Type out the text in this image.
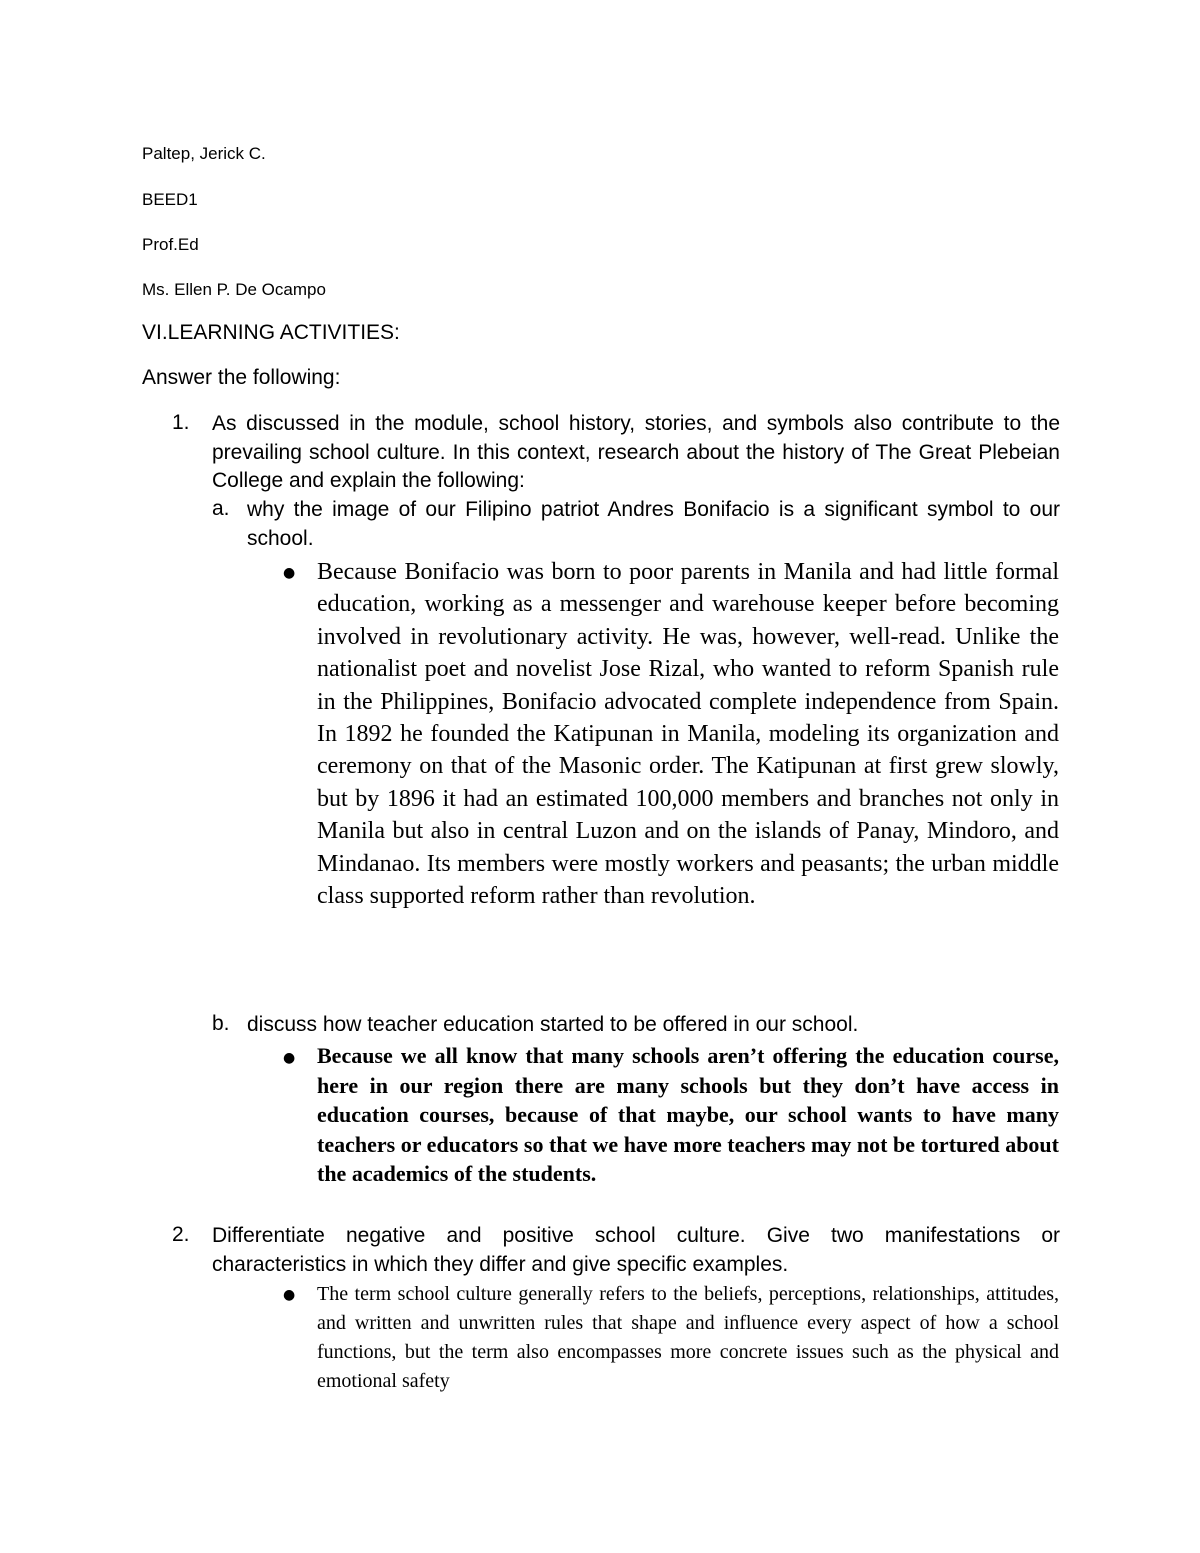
Paltep, Jerick C.
BEED1
Prof.Ed
Ms. Ellen P. De Ocampo
VI.LEARNING ACTIVITIES:
Answer the following:
1. As discussed in the module, school history, stories, and symbols also contribute to the prevailing school culture. In this context, research about the history of The Great Plebeian College and explain the following:
a. why the image of our Filipino patriot Andres Bonifacio is a significant symbol to our school.
● Because Bonifacio was born to poor parents in Manila and had little formal education, working as a messenger and warehouse keeper before becoming involved in revolutionary activity. He was, however, well-read. Unlike the nationalist poet and novelist Jose Rizal, who wanted to reform Spanish rule in the Philippines, Bonifacio advocated complete independence from Spain. In 1892 he founded the Katipunan in Manila, modeling its organization and ceremony on that of the Masonic order. The Katipunan at first grew slowly, but by 1896 it had an estimated 100,000 members and branches not only in Manila but also in central Luzon and on the islands of Panay, Mindoro, and Mindanao. Its members were mostly workers and peasants; the urban middle class supported reform rather than revolution.
b. discuss how teacher education started to be offered in our school.
● Because we all know that many schools aren’t offering the education course, here in our region there are many schools but they don’t have access in education courses, because of that maybe, our school wants to have many teachers or educators so that we have more teachers may not be tortured about the academics of the students.
2. Differentiate negative and positive school culture. Give two manifestations or characteristics in which they differ and give specific examples.
● The term school culture generally refers to the beliefs, perceptions, relationships, attitudes, and written and unwritten rules that shape and influence every aspect of how a school functions, but the term also encompasses more concrete issues such as the physical and emotional safety
